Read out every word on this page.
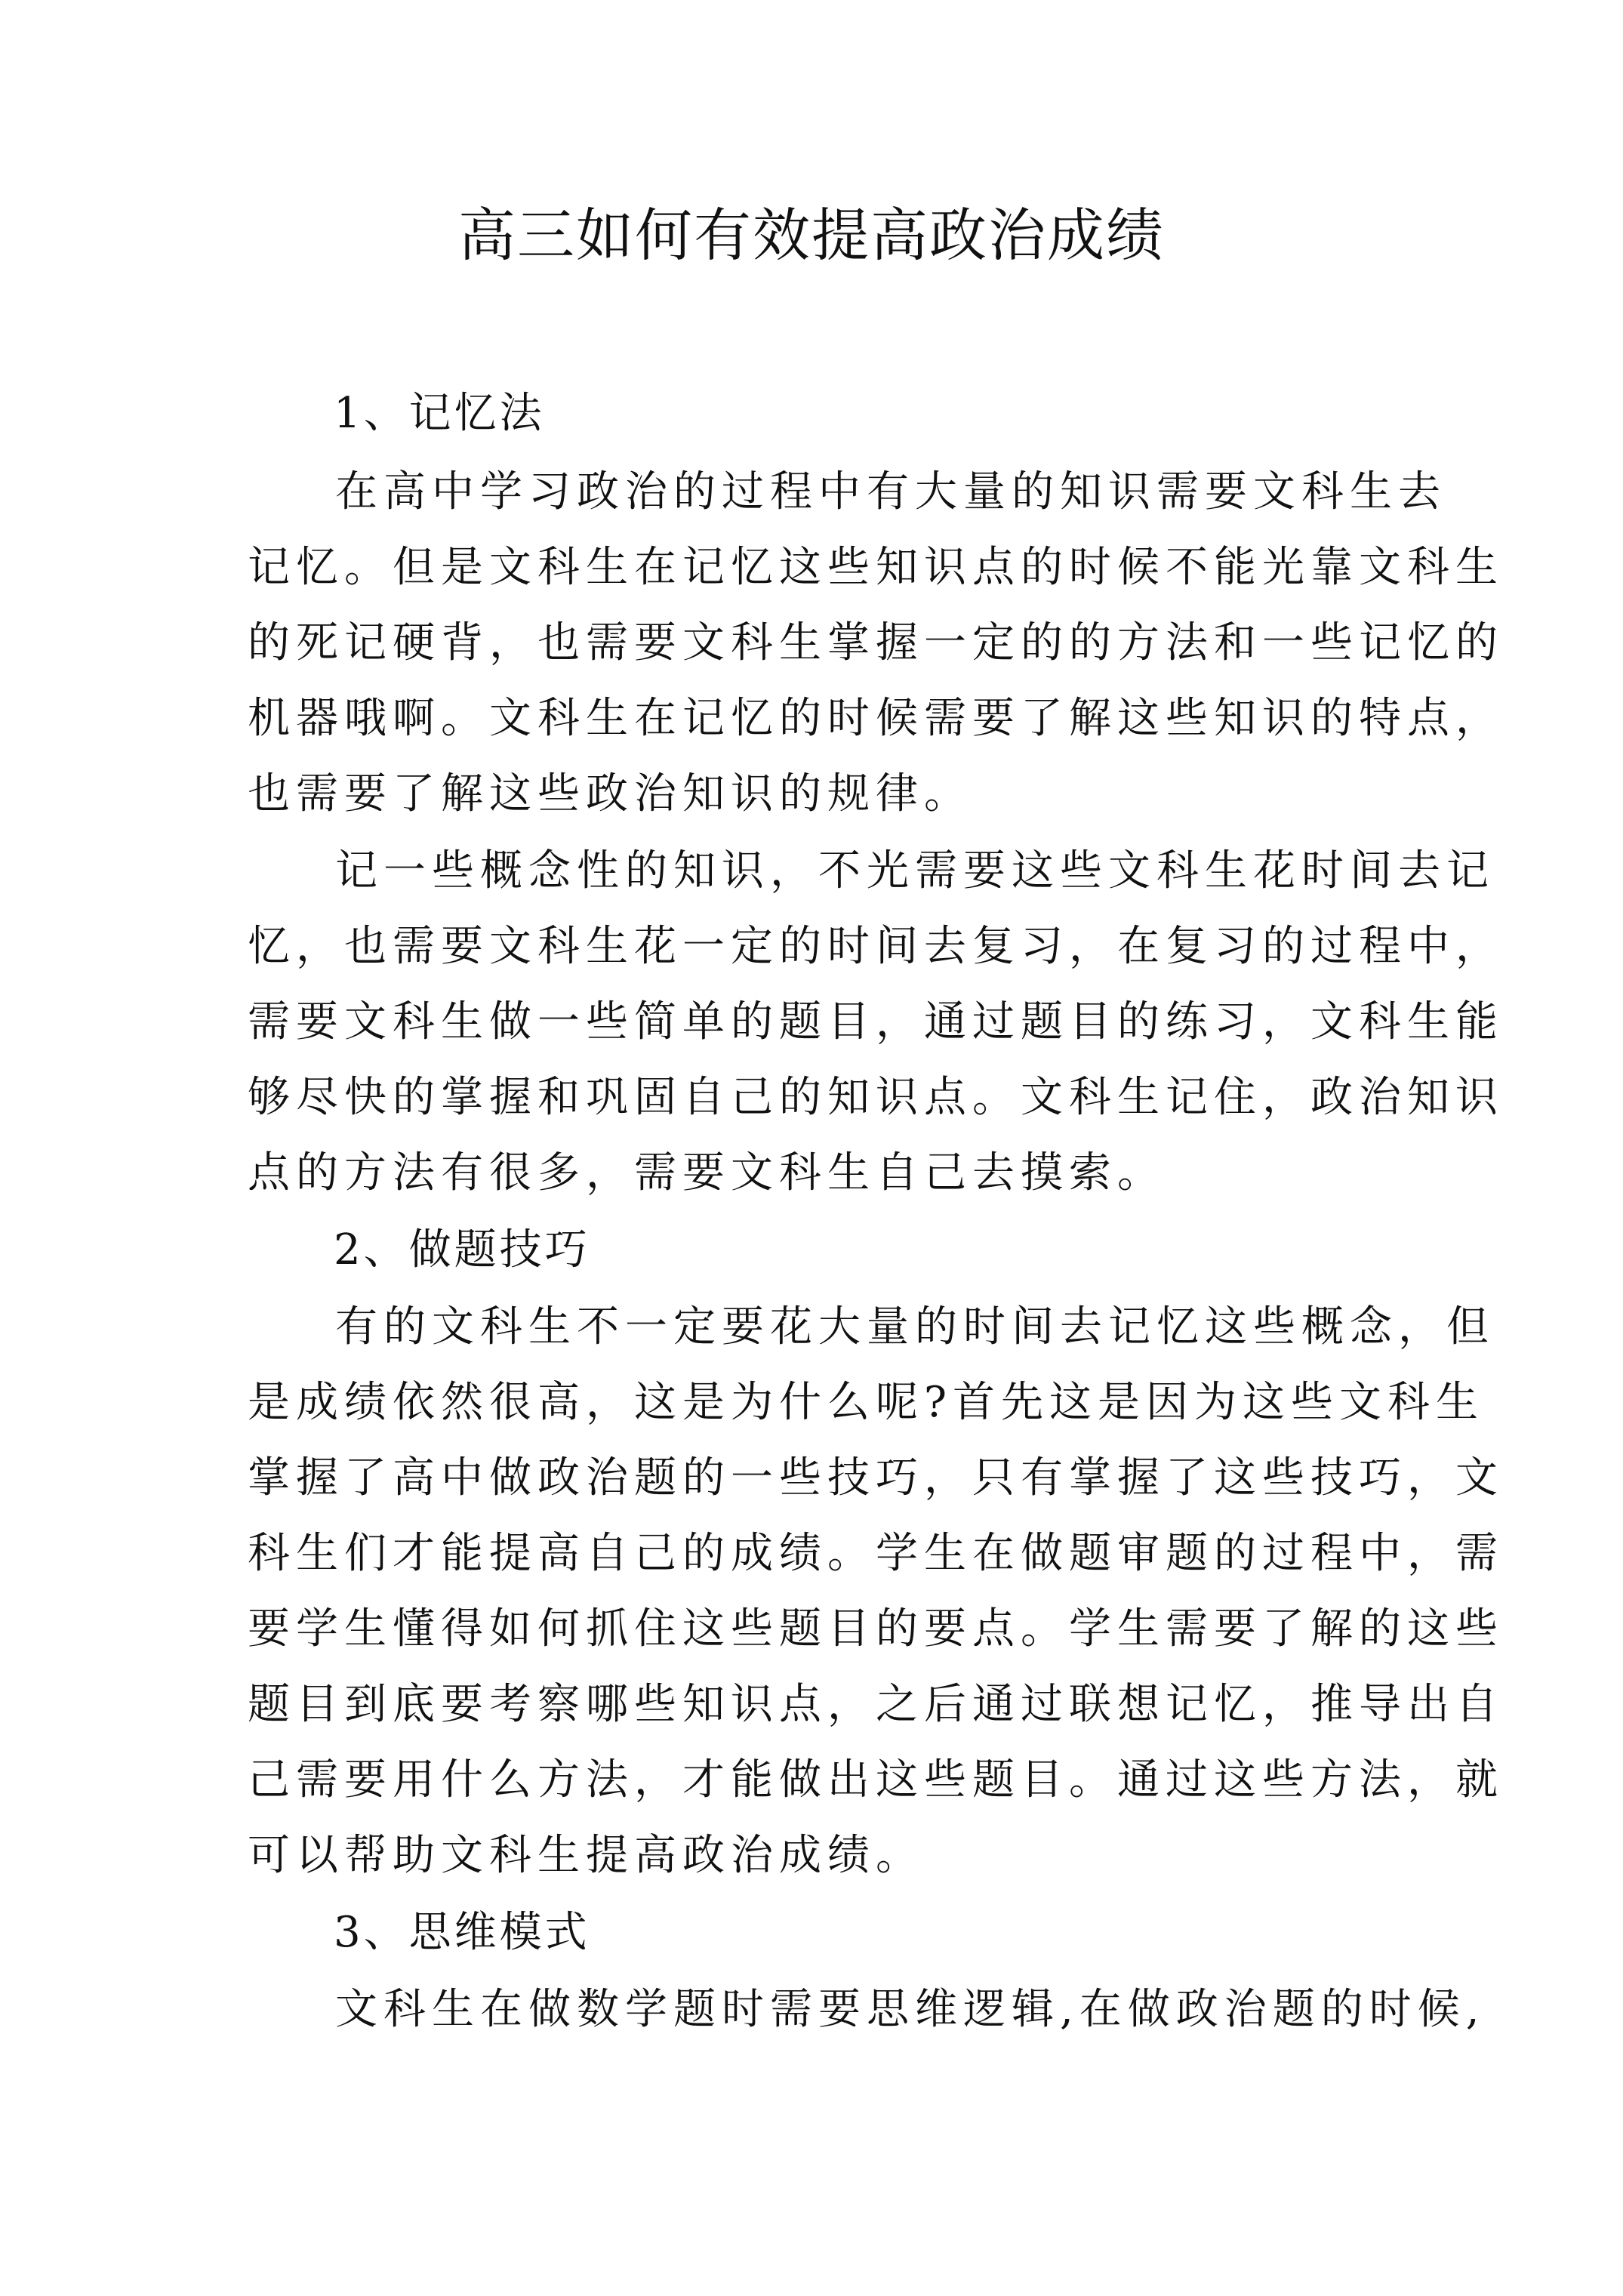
高三如何有效提高政治成绩
1、记忆法
在高中学习政治的过程中有大量的知识需要文科生去
记忆。但是文科生在记忆这些知识点的时候不能光靠文科生
的死记硬背，也需要文科生掌握一定的的方法和一些记忆的
机器哦啊。文科生在记忆的时候需要了解这些知识的特点，
也需要了解这些政治知识的规律。
记一些概念性的知识，不光需要这些文科生花时间去记
忆，也需要文科生花一定的时间去复习，在复习的过程中，
需要文科生做一些简单的题目，通过题目的练习，文科生能
够尽快的掌握和巩固自己的知识点。文科生记住，政治知识
点的方法有很多，需要文科生自己去摸索。
2、做题技巧
有的文科生不一定要花大量的时间去记忆这些概念，但
是成绩依然很高，这是为什么呢?首先这是因为这些文科生
掌握了高中做政治题的一些技巧，只有掌握了这些技巧，文
科生们才能提高自己的成绩。学生在做题审题的过程中，需
要学生懂得如何抓住这些题目的要点。学生需要了解的这些
题目到底要考察哪些知识点，之后通过联想记忆，推导出自
己需要用什么方法，才能做出这些题目。通过这些方法，就
可以帮助文科生提高政治成绩。
3、思维模式
文科生在做数学题时需要思维逻辑,在做政治题的时候,
